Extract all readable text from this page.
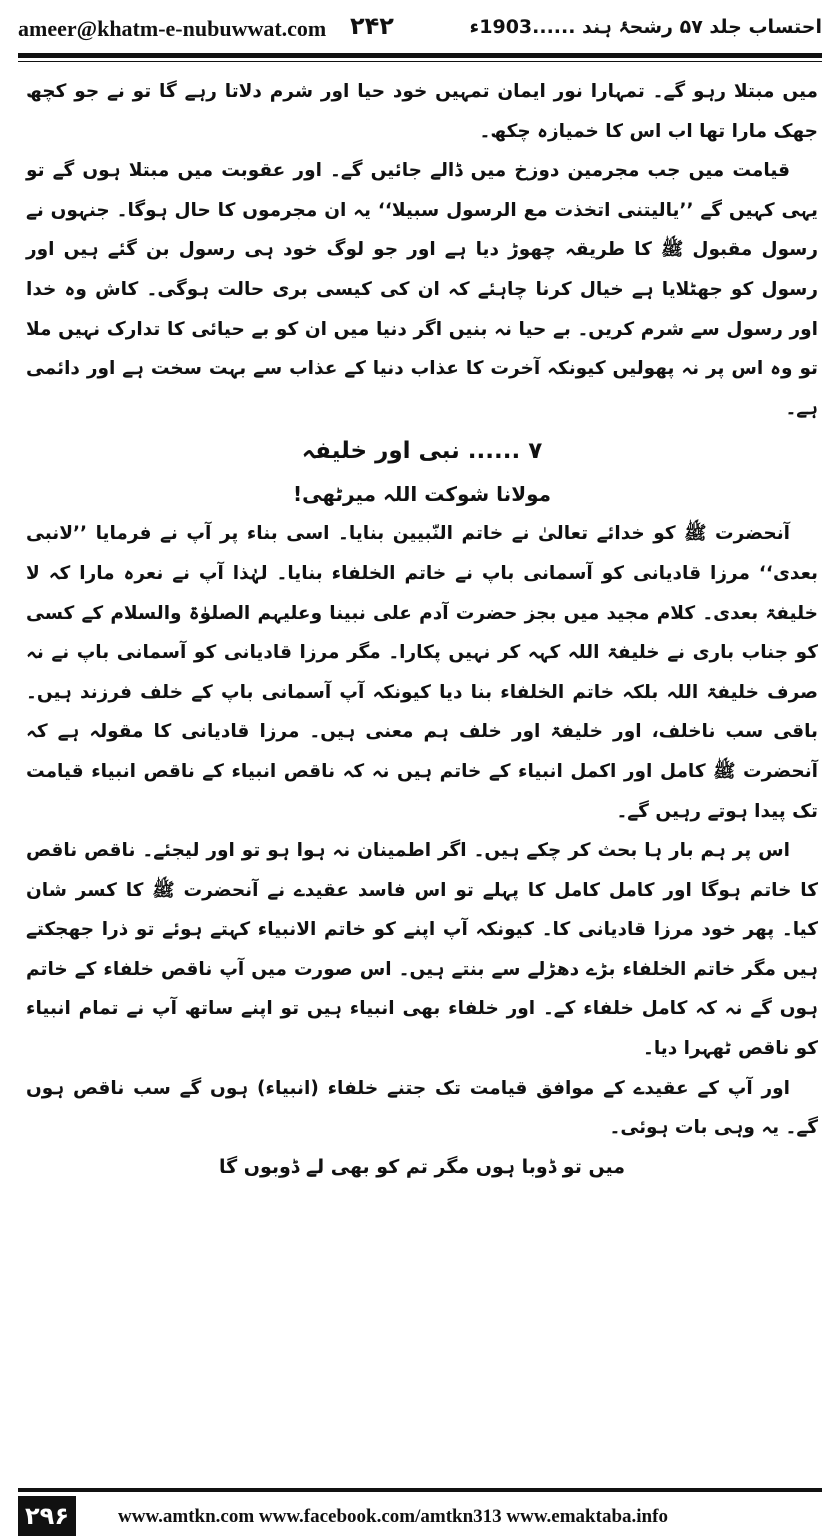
ameer@khatm-e-nubuwwat.com ۲۴۲	احتساب جلد ۵۷ رشحۂ ہند ......1903ء

میں مبتلا رہو گے۔ تمہارا نور ایمان تمہیں خود حیا اور شرم دلاتا رہے گا تو نے جو کچھ جھک مارا تھا اب اس کا خمیازہ چکھ۔

قیامت میں جب مجرمین دوزخ میں ڈالے جائیں گے۔ اور عقوبت میں مبتلا ہوں گے تو یہی کہیں گے ’’یالیتنی اتخذت مع الرسول سبیلا‘‘ یہ ان مجرموں کا حال ہوگا۔ جنہوں نے رسول مقبول ﷺ کا طریقہ چھوڑ دیا ہے اور جو لوگ خود ہی رسول بن گئے ہیں اور رسول کو جھٹلایا ہے خیال کرنا چاہئے کہ ان کی کیسی بری حالت ہوگی۔ کاش وہ خدا اور رسول سے شرم کریں۔ بے حیا نہ بنیں اگر دنیا میں ان کو بے حیائی کا تدارک نہیں ملا تو وہ اس پر نہ پھولیں کیونکہ آخرت کا عذاب دنیا کے عذاب سے بہت سخت ہے اور دائمی ہے۔

۷ ...... نبی اور خلیفہ

مولانا شوکت اللہ میرٹھی!

آنحضرت ﷺ کو خدائے تعالیٰ نے خاتم النّبیین بنایا۔ اسی بناء پر آپ نے فرمایا ’’لانبی بعدی‘‘ مرزا قادیانی کو آسمانی باپ نے خاتم الخلفاء بنایا۔ لہٰذا آپ نے نعرہ مارا کہ لا خلیفۃ بعدی۔ کلام مجید میں بجز حضرت آدم علی نبینا وعلیہم الصلوٰۃ والسلام کے کسی کو جناب باری نے خلیفۃ اللہ کہہ کر نہیں پکارا۔ مگر مرزا قادیانی کو آسمانی باپ نے نہ صرف خلیفۃ اللہ بلکہ خاتم الخلفاء بنا دیا کیونکہ آپ آسمانی باپ کے خلف فرزند ہیں۔ باقی سب ناخلف، اور خلیفۃ اور خلف ہم معنی ہیں۔ مرزا قادیانی کا مقولہ ہے کہ آنحضرت ﷺ کامل اور اکمل انبیاء کے خاتم ہیں نہ کہ ناقص انبیاء کے ناقص انبیاء قیامت تک پیدا ہوتے رہیں گے۔

اس پر ہم بار ہا بحث کر چکے ہیں۔ اگر اطمینان نہ ہوا ہو تو اور لیجئے۔ ناقص ناقص کا خاتم ہوگا اور کامل کامل کا پہلے تو اس فاسد عقیدے نے آنحضرت ﷺ کا کسر شان کیا۔ پھر خود مرزا قادیانی کا۔ کیونکہ آپ اپنے کو خاتم الانبیاء کہتے ہوئے تو ذرا جھجکتے ہیں مگر خاتم الخلفاء بڑے دھڑلے سے بنتے ہیں۔ اس صورت میں آپ ناقص خلفاء کے خاتم ہوں گے نہ کہ کامل خلفاء کے۔ اور خلفاء بھی انبیاء ہیں تو اپنے ساتھ آپ نے تمام انبیاء کو ناقص ٹھہرا دیا۔

اور آپ کے عقیدے کے موافق قیامت تک جتنے خلفاء (انبیاء) ہوں گے سب ناقص ہوں گے۔ یہ وہی بات ہوئی۔

میں تو ڈوبا ہوں مگر تم کو بھی لے ڈوبوں گا

۲۹۶	www.amtkn.com www.facebook.com/amtkn313 www.emaktaba.info
